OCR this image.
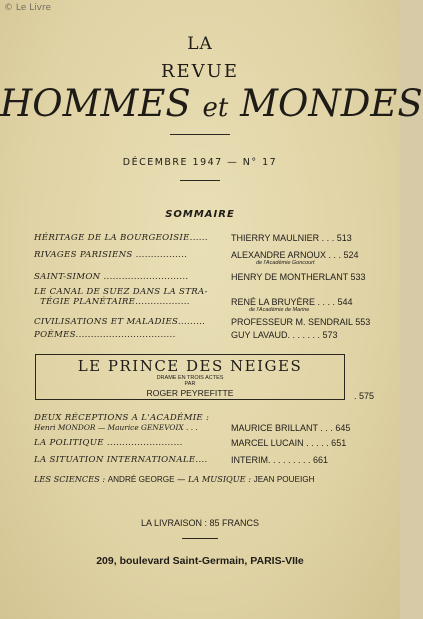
© Le Livre
LA
REVUE
HOMMES et MONDES
DÉCEMBRE 1947 — N° 17
SOMMAIRE
HÉRITAGE DE LA BOURGEOISIE......	THIERRY MAULNIER . . . 513
RIVAGES PARISIENS .................	ALEXANDRE ARNOUX . . . 524
de l'Académie Goncourt
SAINT-SIMON ............................	HENRY DE MONTHERLANT 533
LE CANAL DE SUEZ DANS LA STRA-
TÉGIE PLANÉTAIRE..................	RENÉ LA BRUYÈRE . . . . 544
de l'Académie de Marine
CIVILISATIONS ET MALADIES.........	PROFESSEUR M. SENDRAIL 553
POÈMES.................................	GUY LAVAUD. . . . . . . 573
LE PRINCE DES NEIGES
DRAME EN TROIS ACTES
PAR
ROGER PEYREFITTE	. 575
DEUX RÉCEPTIONS A L'ACADÉMIE :
Henri MONDOR — Maurice GENEVOIX . . .	MAURICE BRILLANT . . . 645
LA POLITIQUE .........................	MARCEL LUCAIN . . . . . 651
LA SITUATION INTERNATIONALE....	INTERIM. . . . . . . . . 661
LES SCIENCES : ANDRÉ GEORGE — LA MUSIQUE : JEAN POUEIGH
LA LIVRAISON : 85 FRANCS
209, boulevard Saint-Germain, PARIS-VIIe
